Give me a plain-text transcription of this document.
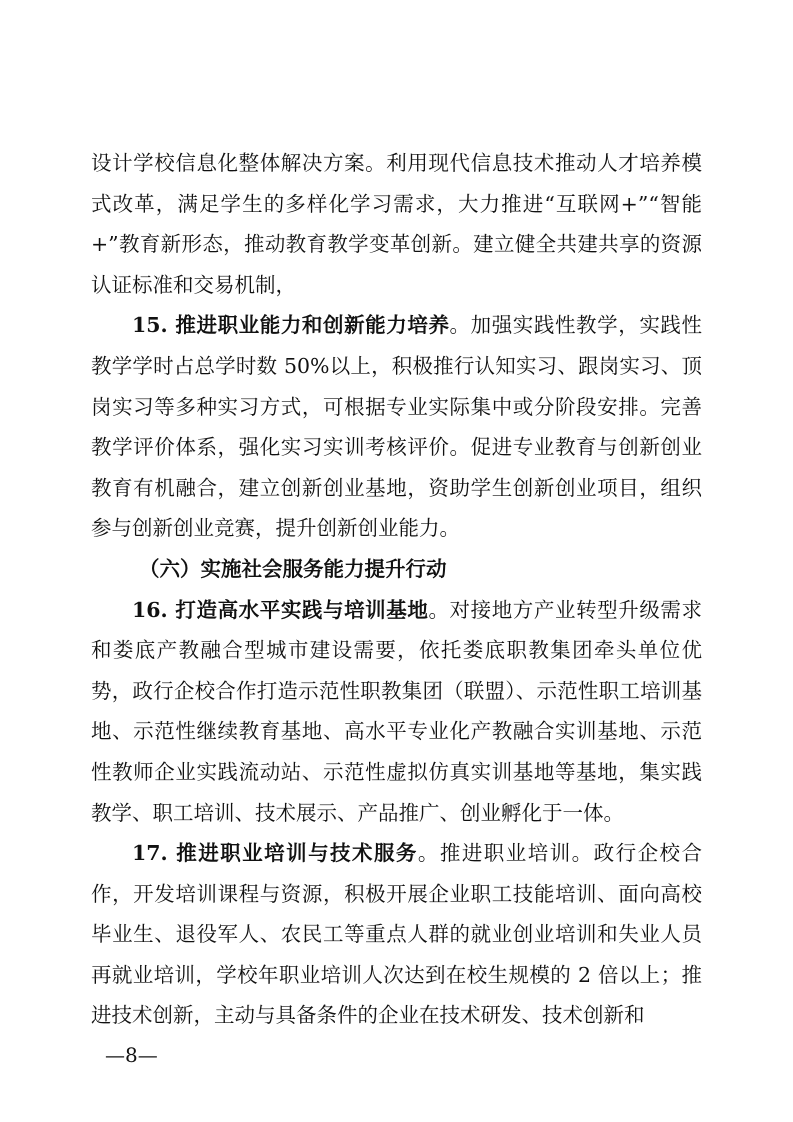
设计学校信息化整体解决方案。利用现代信息技术推动人才培养模式改革，满足学生的多样化学习需求，大力推进“互联网+”“智能+”教育新形态，推动教育教学变革创新。建立健全共建共享的资源认证标准和交易机制，

15. 推进职业能力和创新能力培养。加强实践性教学，实践性教学学时占总学时数 50%以上，积极推行认知实习、跟岗实习、顶岗实习等多种实习方式，可根据专业实际集中或分阶段安排。完善教学评价体系，强化实习实训考核评价。促进专业教育与创新创业教育有机融合，建立创新创业基地，资助学生创新创业项目，组织参与创新创业竞赛，提升创新创业能力。

（六）实施社会服务能力提升行动

16. 打造高水平实践与培训基地。对接地方产业转型升级需求和娄底产教融合型城市建设需要，依托娄底职教集团牵头单位优势，政行企校合作打造示范性职教集团（联盟）、示范性职工培训基地、示范性继续教育基地、高水平专业化产教融合实训基地、示范性教师企业实践流动站、示范性虚拟仿真实训基地等基地，集实践教学、职工培训、技术展示、产品推广、创业孵化于一体。

17. 推进职业培训与技术服务。推进职业培训。政行企校合作，开发培训课程与资源，积极开展企业职工技能培训、面向高校毕业生、退役军人、农民工等重点人群的就业创业培训和失业人员再就业培训，学校年职业培训人次达到在校生规模的 2 倍以上；推进技术创新，主动与具备条件的企业在技术研发、技术创新和

—8—
